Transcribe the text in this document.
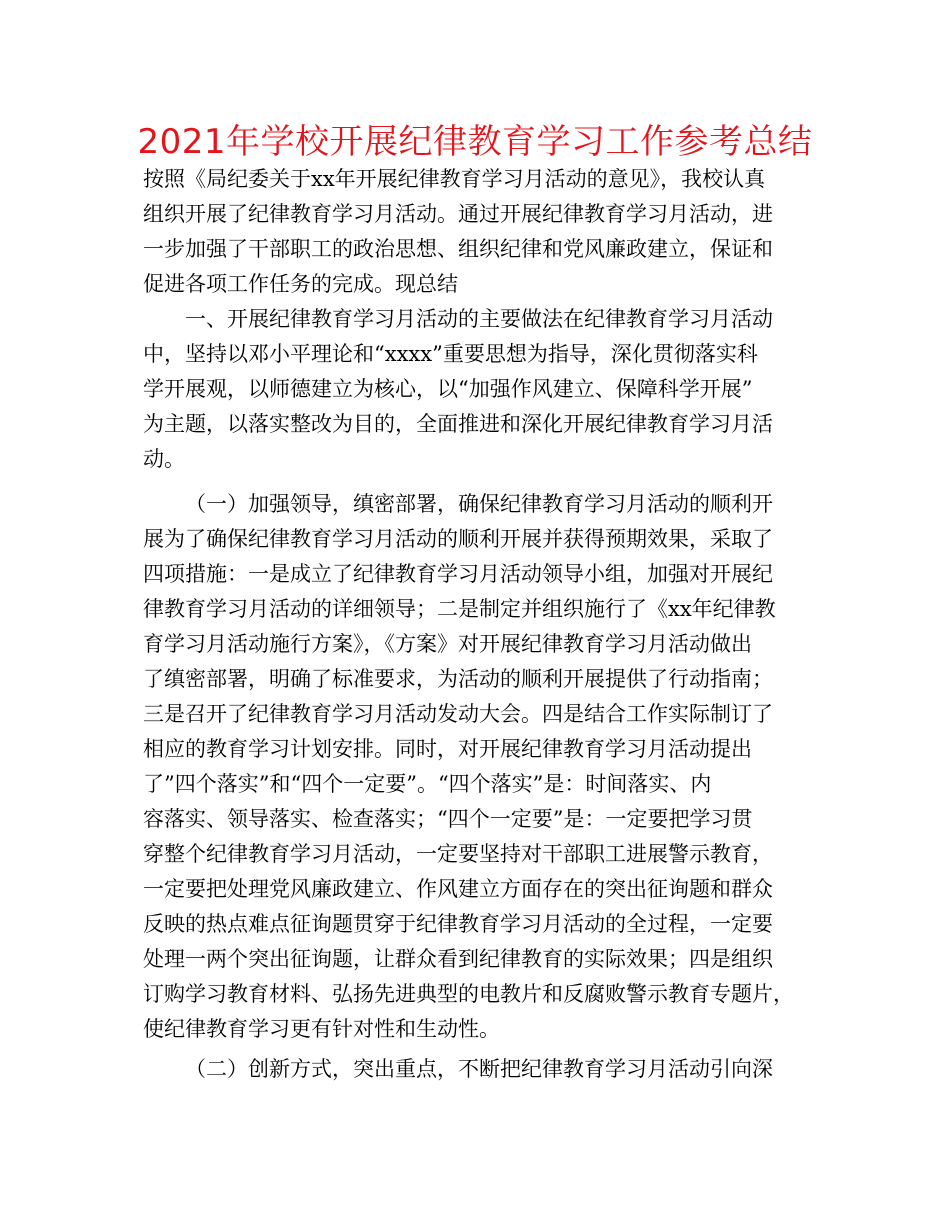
2021年学校开展纪律教育学习工作参考总结
按照《局纪委关于xx年开展纪律教育学习月活动的意见》，我校认真
组织开展了纪律教育学习月活动。通过开展纪律教育学习月活动，进
一步加强了干部职工的政治思想、组织纪律和党风廉政建立，保证和
促进各项工作任务的完成。现总结
一、开展纪律教育学习月活动的主要做法在纪律教育学习月活动
中，坚持以邓小平理论和“xxxx”重要思想为指导，深化贯彻落实科
学开展观，以师德建立为核心，以“加强作风建立、保障科学开展”
为主题，以落实整改为目的，全面推进和深化开展纪律教育学习月活
动。
（一）加强领导，缜密部署，确保纪律教育学习月活动的顺利开
展为了确保纪律教育学习月活动的顺利开展并获得预期效果，采取了
四项措施：一是成立了纪律教育学习月活动领导小组，加强对开展纪
律教育学习月活动的详细领导；二是制定并组织施行了《xx年纪律教
育学习月活动施行方案》，《方案》对开展纪律教育学习月活动做出
了缜密部署，明确了标准要求，为活动的顺利开展提供了行动指南；
三是召开了纪律教育学习月活动发动大会。四是结合工作实际制订了
相应的教育学习计划安排。同时，对开展纪律教育学习月活动提出
了”四个落实”和“四个一定要”。“四个落实”是：时间落实、内
容落实、领导落实、检查落实；“四个一定要”是：一定要把学习贯
穿整个纪律教育学习月活动，一定要坚持对干部职工进展警示教育，
一定要把处理党风廉政建立、作风建立方面存在的突出征询题和群众
反映的热点难点征询题贯穿于纪律教育学习月活动的全过程，一定要
处理一两个突出征询题，让群众看到纪律教育的实际效果；四是组织
订购学习教育材料、弘扬先进典型的电教片和反腐败警示教育专题片，
使纪律教育学习更有针对性和生动性。
（二）创新方式，突出重点，不断把纪律教育学习月活动引向深
